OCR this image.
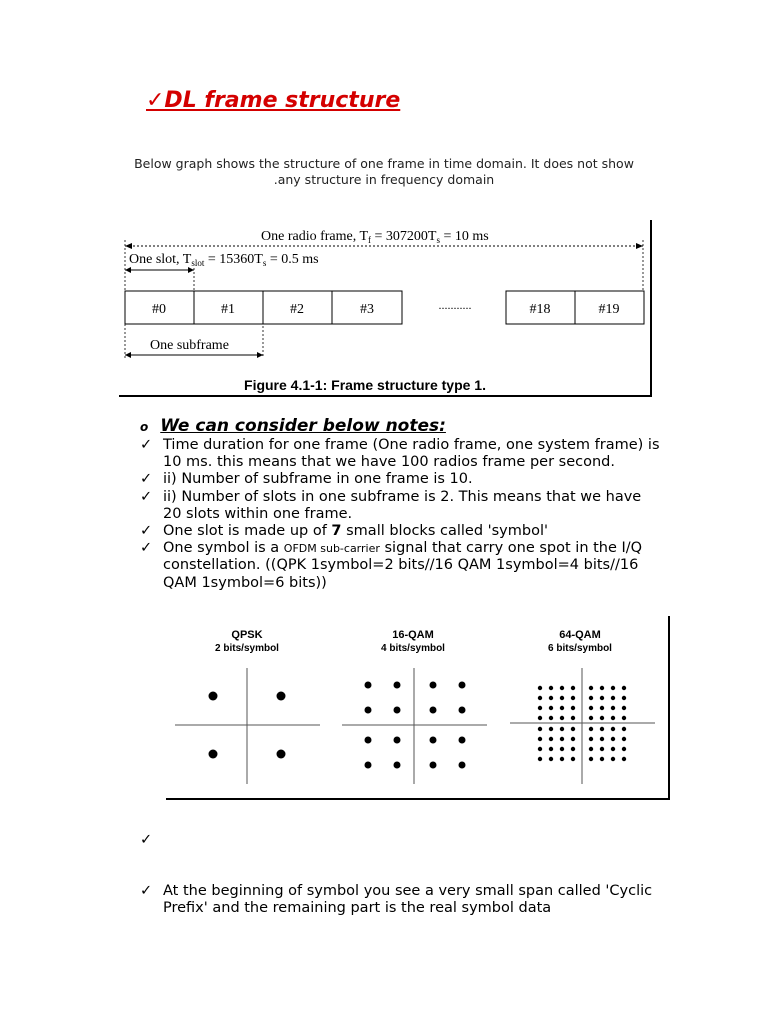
✓DL frame structure
Below graph shows the structure of one frame in time domain. It does not show
.any structure in frequency domain
One radio frame, $T_f = 307200T_s = 10$ ms
One slot, $T_{slot} = 15360T_s = 0.5$ ms
#0	#1	#2	#3	#18	#19
...........
One subframe
Figure 4.1-1: Frame structure type 1.
o We can consider below notes:
✓ Time duration for one frame (One radio frame, one system frame) is 10 ms. this means that we have 100 radios frame per second.
✓ ii) Number of subframe in one frame is 10.
✓ ii) Number of slots in one subframe is 2. This means that we have 20 slots within one frame.
✓ One slot is made up of 7 small blocks called 'symbol'
✓ One symbol is a OFDM sub-carrier signal that carry one spot in the I/Q constellation. ((QPK 1symbol=2 bits//16 QAM 1symbol=4 bits//16 QAM 1symbol=6 bits))
QPSK
2 bits/symbol
16-QAM
4 bits/symbol
64-QAM
6 bits/symbol
✓

✓ At the beginning of symbol you see a very small span called 'Cyclic Prefix' and the remaining part is the real symbol data
